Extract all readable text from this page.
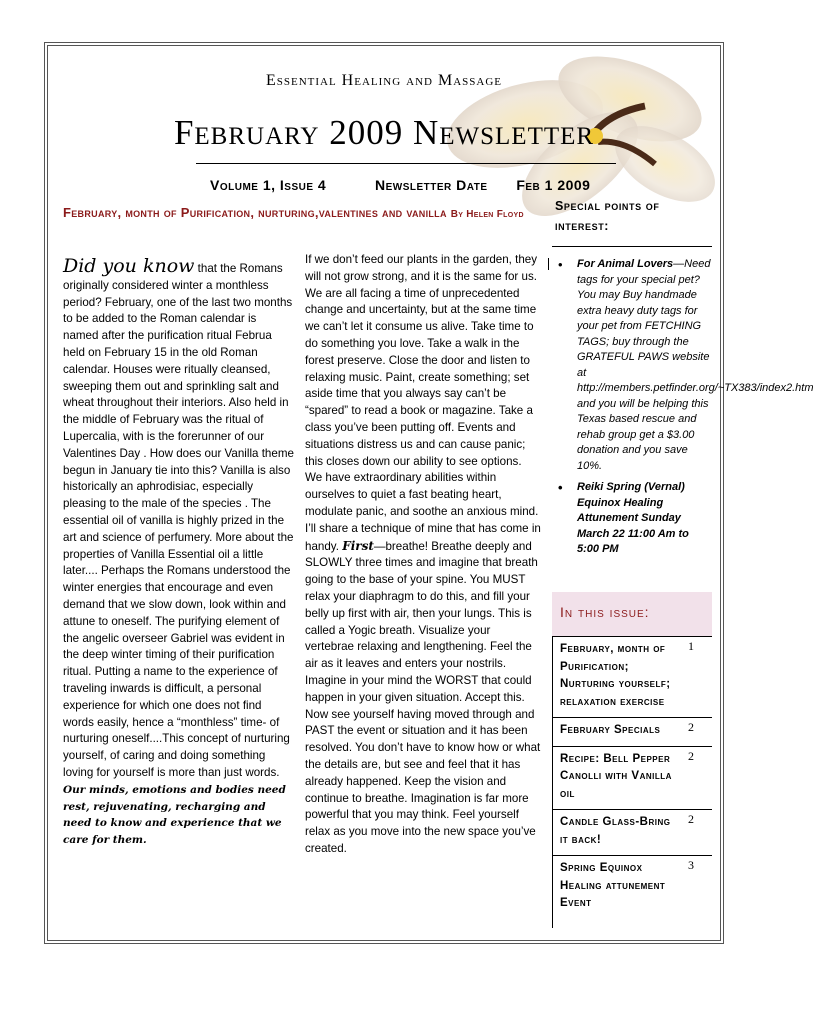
Essential Healing and Massage
February 2009 Newsletter
Volume 1, Issue 4	Newsletter Date Feb 1 2009
February, month of Purification, nurturing,valentines and vanilla By Helen Floyd

Did you know that the Romans originally considered winter a monthless period? February, one of the last two months to be added to the Roman calendar is named after the purification ritual Februa held on February 15 in the old Roman calendar. Houses were ritually cleansed, sweeping them out and sprinkling salt and wheat throughout their interiors. Also held in the middle of February was the ritual of Lupercalia, with is the forerunner of our Valentines Day . How does our Vanilla theme begun in January tie into this? Vanilla is also historically an aphrodisiac, especially pleasing to the male of the species . The essential oil of vanilla is highly prized in the art and science of perfumery. More about the properties of Vanilla Essential oil a little later.... Perhaps the Romans understood the winter energies that encourage and even demand that we slow down, look within and attune to oneself. The purifying element of the angelic overseer Gabriel was evident in the deep winter timing of their purification ritual. Putting a name to the experience of traveling inwards is difficult, a personal experience for which one does not find words easily, hence a “monthless” time- of nurturing oneself....This concept of nurturing yourself, of caring and doing something loving for yourself is more than just words. Our minds, emotions and bodies need rest, rejuvenating, recharging and need to know and experience that we care for them.

If we don’t feed our plants in the garden, they will not grow strong, and it is the same for us. We are all facing a time of unprecedented change and uncertainty, but at the same time we can’t let it consume us alive. Take time to do something you love. Take a walk in the forest preserve. Close the door and listen to relaxing music. Paint, create something; set aside time that you always say can’t be “spared” to read a book or magazine. Take a class you’ve been putting off. Events and situations distress us and can cause panic; this closes down our ability to see options. We have extraordinary abilities within ourselves to quiet a fast beating heart, modulate panic, and soothe an anxious mind. I’ll share a technique of mine that has come in handy. First—breathe! Breathe deeply and SLOWLY three times and imagine that breath going to the base of your spine. You MUST relax your diaphragm to do this, and fill your belly up first with air, then your lungs. This is called a Yogic breath. Visualize your vertebrae relaxing and lengthening. Feel the air as it leaves and enters your nostrils. Imagine in your mind the WORST that could happen in your given situation. Accept this. Now see yourself having moved through and PAST the event or situation and it has been resolved. You don’t have to know how or what the details are, but see and feel that it has already happened. Keep the vision and continue to breathe. Imagination is far more powerful that you may think. Feel yourself relax as you move into the new space you’ve created.

Special points of interest:
• For Animal Lovers—Need tags for your special pet? You may Buy handmade extra heavy duty tags for your pet from FETCHING TAGS; buy through the GRATEFUL PAWS website at http://members.petfinder.org/~TX383/index2.htm and you will be helping this Texas based rescue and rehab group get a $3.00 donation and you save 10%.
• Reiki Spring (Vernal) Equinox Healing Attunement Sunday March 22 11:00 Am to 5:00 PM
In this issue:
February, month of Purification; Nurturing yourself; relaxation exercise
1
February Specials	2
Recipe: Bell Pepper Canolli with Vanilla oil
2
Candle Glass-Bring it back!
2
Spring Equinox Healing attunement Event
3
